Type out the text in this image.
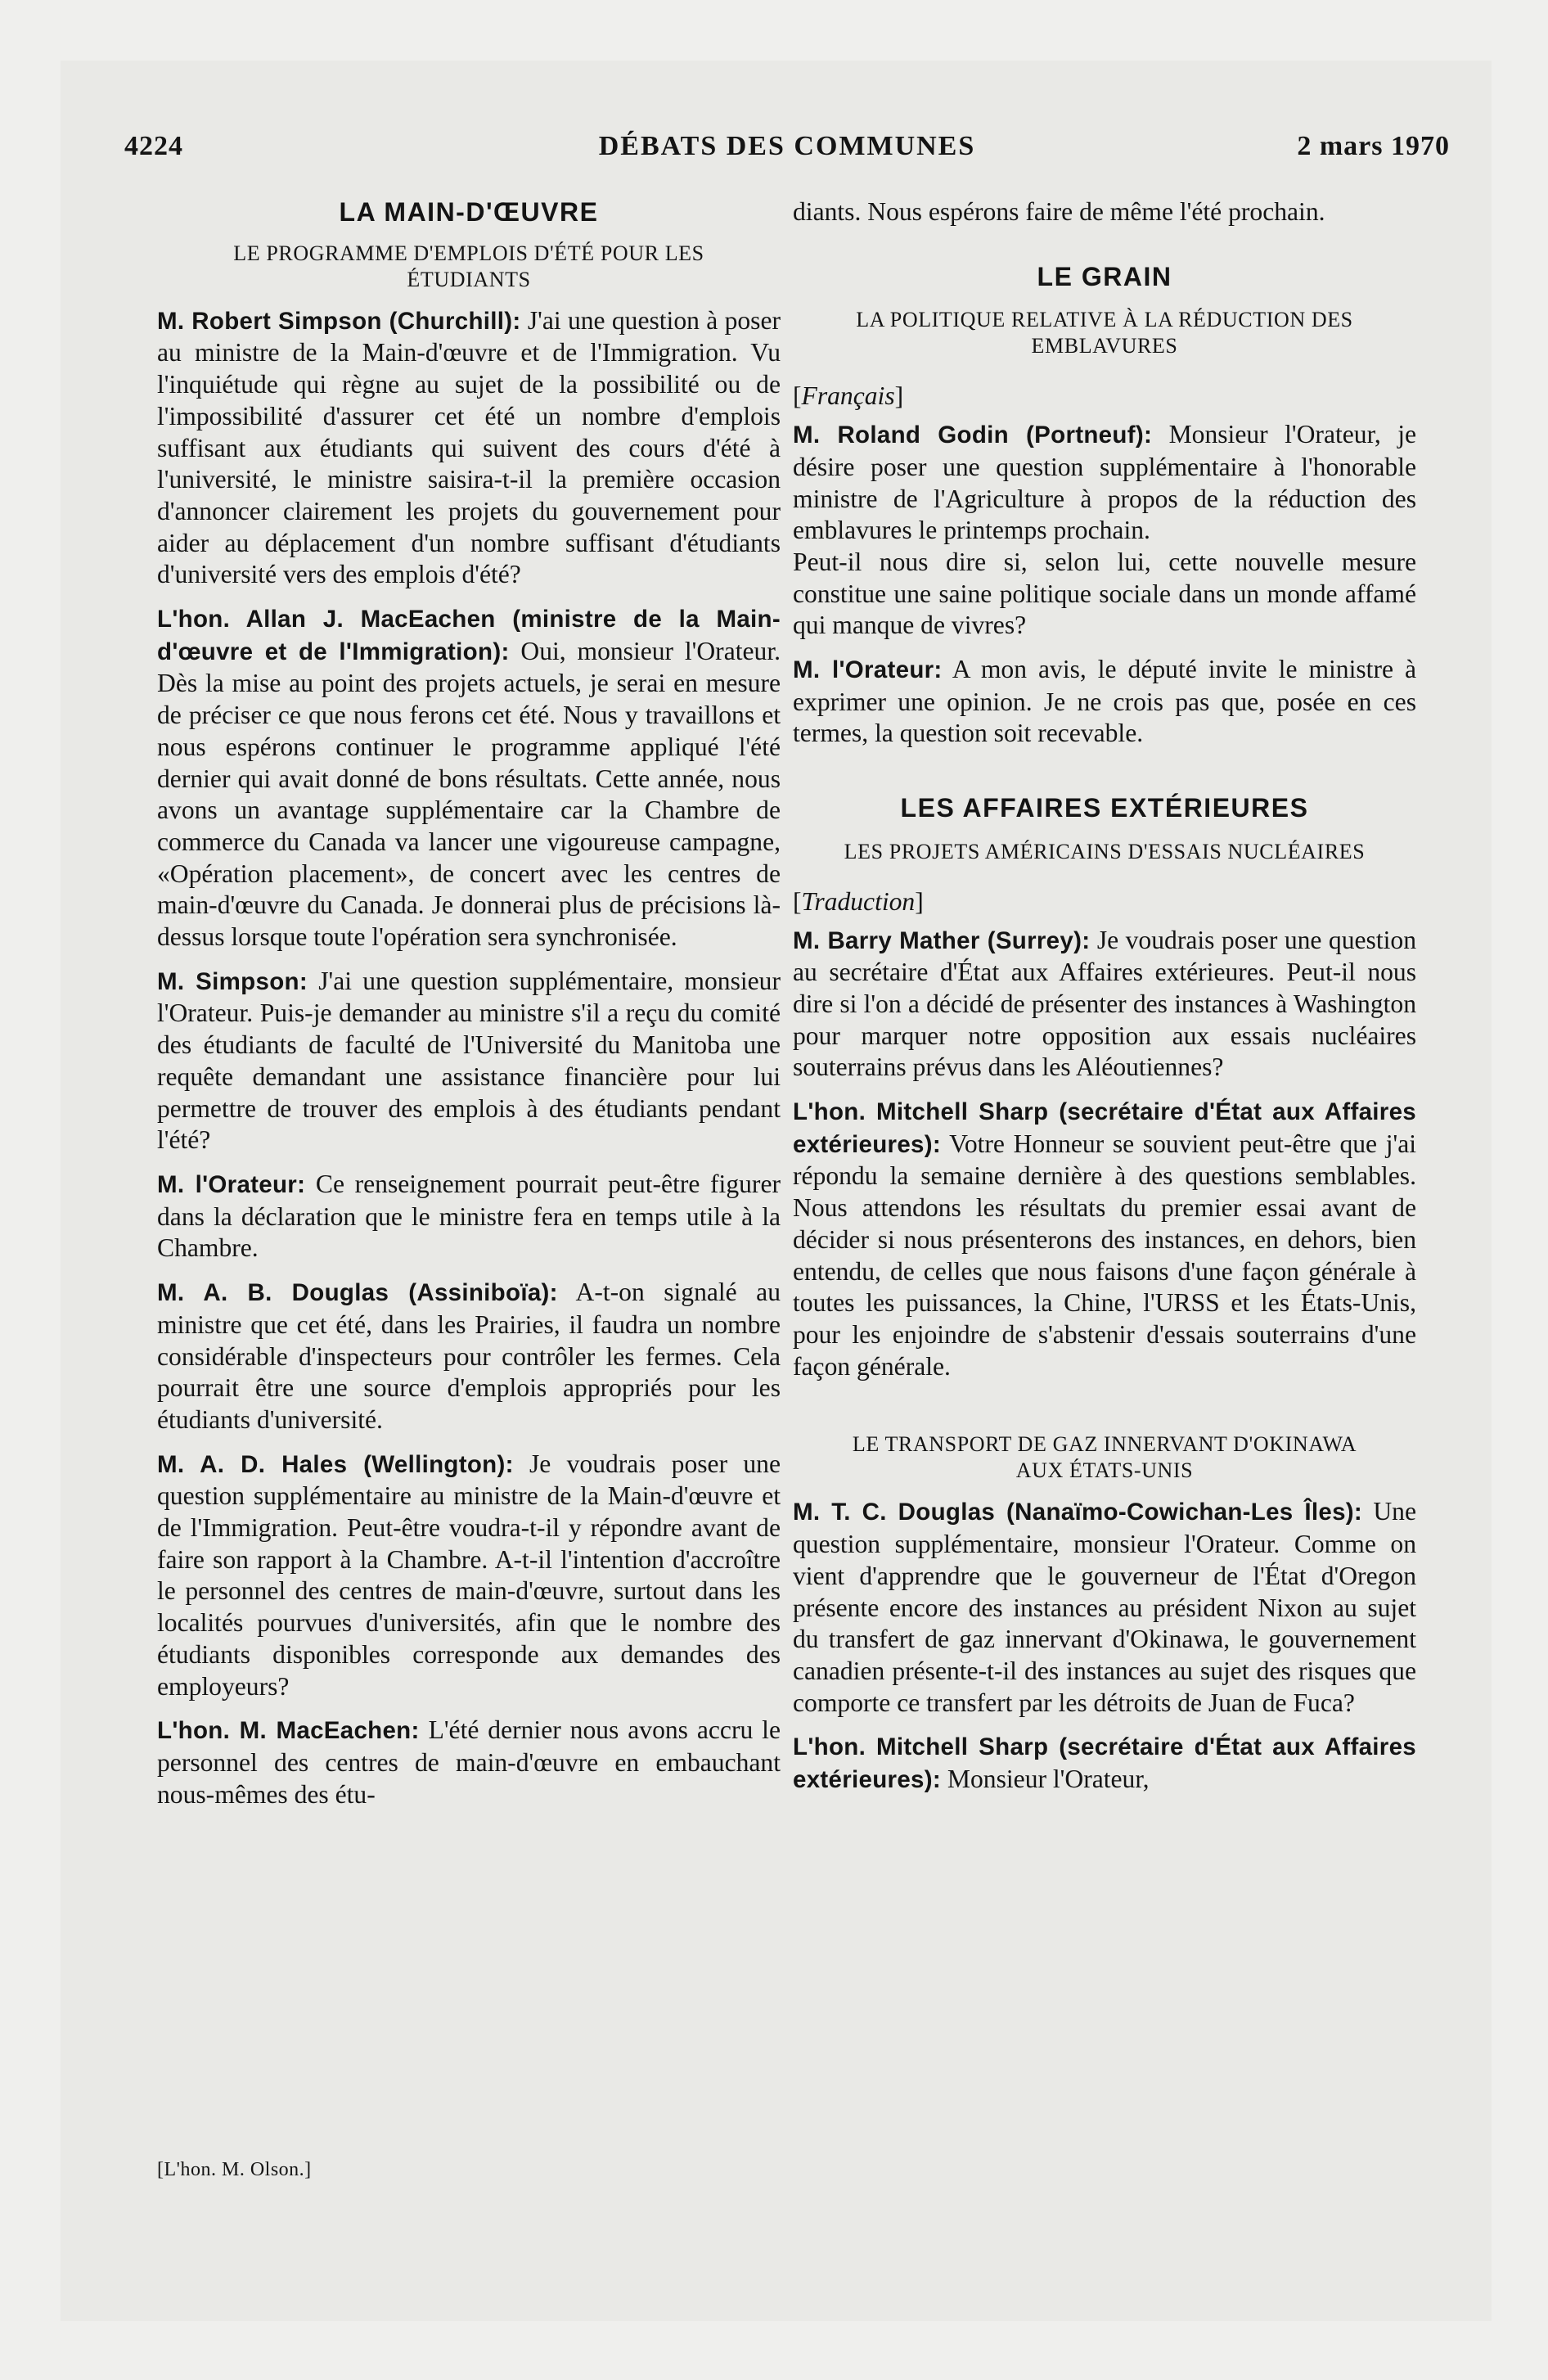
4224	DÉBATS DES COMMUNES	2 mars 1970

LA MAIN-D'ŒUVRE

LE PROGRAMME D'EMPLOIS D'ÉTÉ POUR LES ÉTUDIANTS

M. Robert Simpson (Churchill): J'ai une question à poser au ministre de la Main-d'œuvre et de l'Immigration. Vu l'inquiétude qui règne au sujet de la possibilité ou de l'impossibilité d'assurer cet été un nombre d'emplois suffisant aux étudiants qui suivent des cours d'été à l'université, le ministre saisira-t-il la première occasion d'annoncer clairement les projets du gouvernement pour aider au déplacement d'un nombre suffisant d'étudiants d'université vers des emplois d'été?

L'hon. Allan J. MacEachen (ministre de la Main-d'œuvre et de l'Immigration): Oui, monsieur l'Orateur. Dès la mise au point des projets actuels, je serai en mesure de préciser ce que nous ferons cet été. Nous y travaillons et nous espérons continuer le programme appliqué l'été dernier qui avait donné de bons résultats. Cette année, nous avons un avantage supplémentaire car la Chambre de commerce du Canada va lancer une vigoureuse campagne, «Opération placement», de concert avec les centres de main-d'œuvre du Canada. Je donnerai plus de précisions là-dessus lorsque toute l'opération sera synchronisée.

M. Simpson: J'ai une question supplémentaire, monsieur l'Orateur. Puis-je demander au ministre s'il a reçu du comité des étudiants de faculté de l'Université du Manitoba une requête demandant une assistance financière pour lui permettre de trouver des emplois à des étudiants pendant l'été?

M. l'Orateur: Ce renseignement pourrait peut-être figurer dans la déclaration que le ministre fera en temps utile à la Chambre.

M. A. B. Douglas (Assiniboïa): A-t-on signalé au ministre que cet été, dans les Prairies, il faudra un nombre considérable d'inspecteurs pour contrôler les fermes. Cela pourrait être une source d'emplois appropriés pour les étudiants d'université.

M. A. D. Hales (Wellington): Je voudrais poser une question supplémentaire au ministre de la Main-d'œuvre et de l'Immigration. Peut-être voudra-t-il y répondre avant de faire son rapport à la Chambre. A-t-il l'intention d'accroître le personnel des centres de main-d'œuvre, surtout dans les localités pourvues d'universités, afin que le nombre des étudiants disponibles corresponde aux demandes des employeurs?

L'hon. M. MacEachen: L'été dernier nous avons accru le personnel des centres de main-d'œuvre en embauchant nous-mêmes des étu-

[L'hon. M. Olson.]

diants. Nous espérons faire de même l'été prochain.

LE GRAIN

LA POLITIQUE RELATIVE À LA RÉDUCTION DES EMBLAVURES

[Français]

M. Roland Godin (Portneuf): Monsieur l'Orateur, je désire poser une question supplémentaire à l'honorable ministre de l'Agriculture à propos de la réduction des emblavures le printemps prochain.

Peut-il nous dire si, selon lui, cette nouvelle mesure constitue une saine politique sociale dans un monde affamé qui manque de vivres?

M. l'Orateur: A mon avis, le député invite le ministre à exprimer une opinion. Je ne crois pas que, posée en ces termes, la question soit recevable.

LES AFFAIRES EXTÉRIEURES

LES PROJETS AMÉRICAINS D'ESSAIS NUCLÉAIRES

[Traduction]

M. Barry Mather (Surrey): Je voudrais poser une question au secrétaire d'État aux Affaires extérieures. Peut-il nous dire si l'on a décidé de présenter des instances à Washington pour marquer notre opposition aux essais nucléaires souterrains prévus dans les Aléoutiennes?

L'hon. Mitchell Sharp (secrétaire d'État aux Affaires extérieures): Votre Honneur se souvient peut-être que j'ai répondu la semaine dernière à des questions semblables. Nous attendons les résultats du premier essai avant de décider si nous présenterons des instances, en dehors, bien entendu, de celles que nous faisons d'une façon générale à toutes les puissances, la Chine, l'URSS et les États-Unis, pour les enjoindre de s'abstenir d'essais souterrains d'une façon générale.

LE TRANSPORT DE GAZ INNERVANT D'OKINAWA AUX ÉTATS-UNIS

M. T. C. Douglas (Nanaïmo-Cowichan-Les Îles): Une question supplémentaire, monsieur l'Orateur. Comme on vient d'apprendre que le gouverneur de l'État d'Oregon présente encore des instances au président Nixon au sujet du transfert de gaz innervant d'Okinawa, le gouvernement canadien présente-t-il des instances au sujet des risques que comporte ce transfert par les détroits de Juan de Fuca?

L'hon. Mitchell Sharp (secrétaire d'État aux Affaires extérieures): Monsieur l'Orateur,
